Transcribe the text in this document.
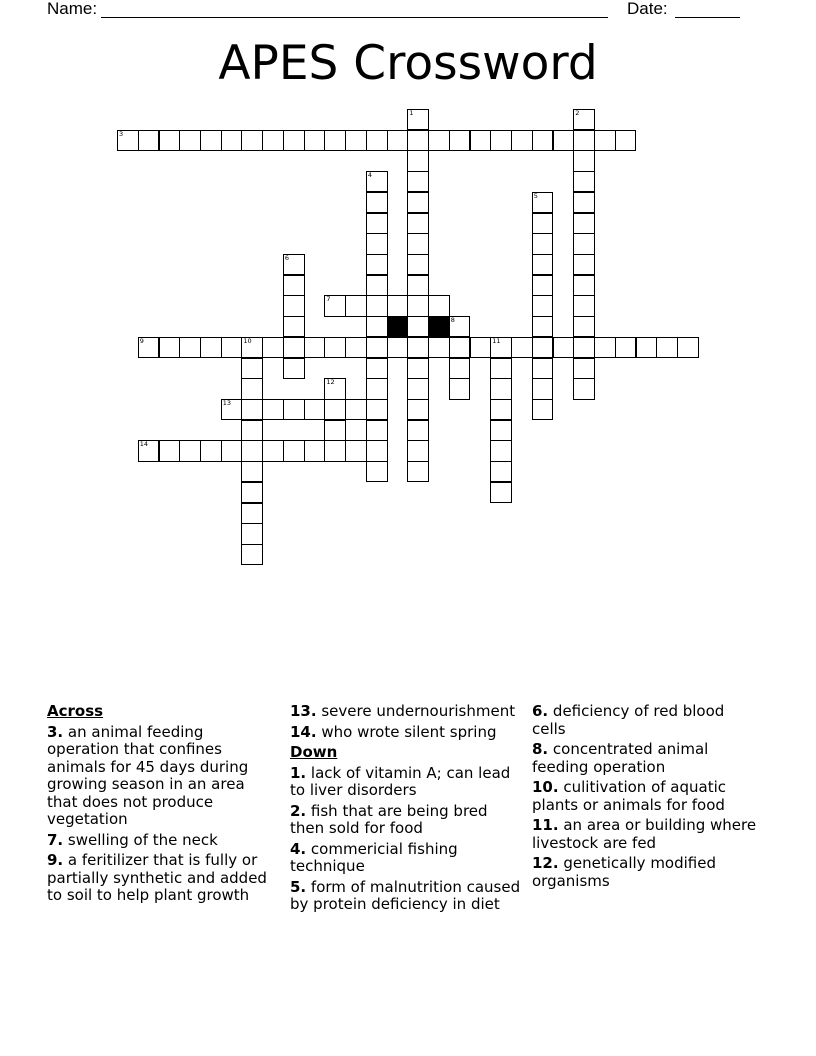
Name:	Date:
APES Crossword
1	2
3
4
5
6
7
8
9	10	11
12
13
14
Across
3. an animal feeding operation that confines animals for 45 days during growing season in an area that does not produce vegetation
7. swelling of the neck
9. a feritilizer that is fully or partially synthetic and added to soil to help plant growth
13. severe undernourishment
14. who wrote silent spring
Down
1. lack of vitamin A; can lead to liver disorders
2. fish that are being bred then sold for food
4. commericial fishing technique
5. form of malnutrition caused by protein deficiency in diet
6. deficiency of red blood cells
8. concentrated animal feeding operation
10. culitivation of aquatic plants or animals for food
11. an area or building where livestock are fed
12. genetically modified organisms
